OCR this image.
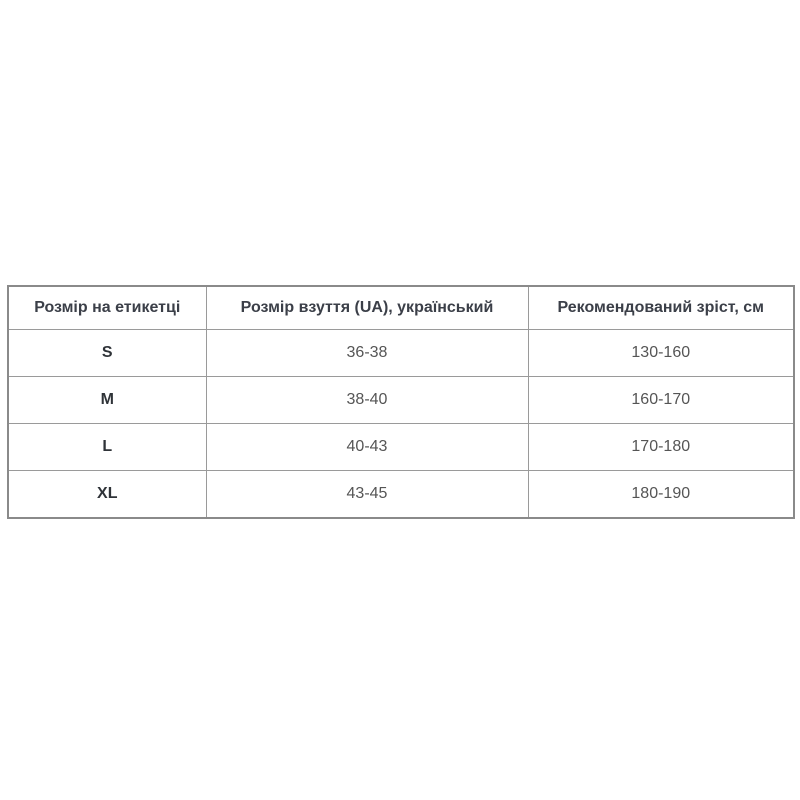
Розмір на етикетці	Розмір взуття (UA), український	Рекомендований зріст, см
S	36-38	130-160
M	38-40	160-170
L	40-43	170-180
XL	43-45	180-190
